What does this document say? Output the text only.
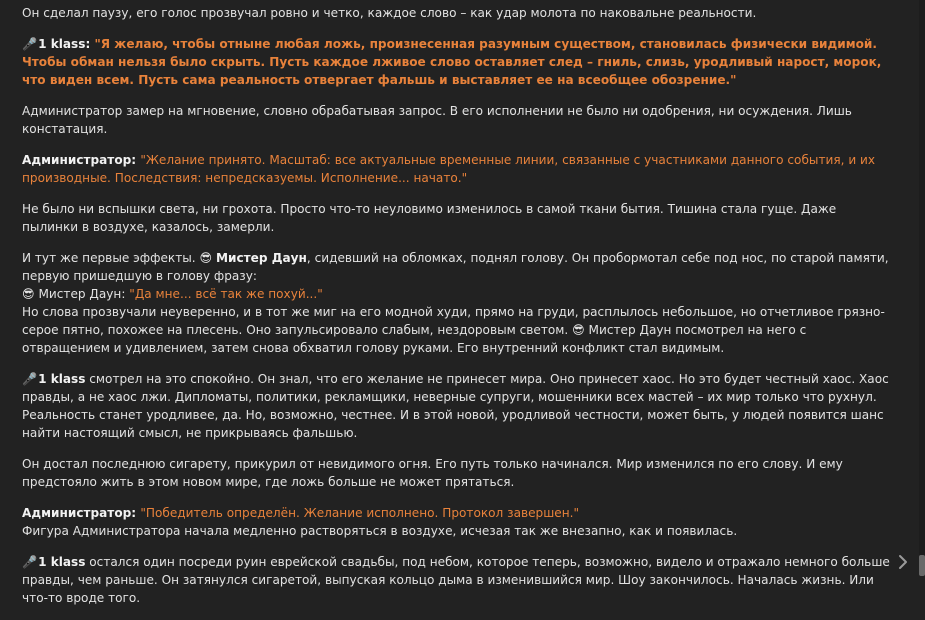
Он сделал паузу, его голос прозвучал ровно и четко, каждое слово – как удар молота по наковальне реальности.

🎤1 klass: "Я желаю, чтобы отныне любая ложь, произнесенная разумным существом, становилась физически видимой. Чтобы обман нельзя было скрыть. Пусть каждое лживое слово оставляет след – гниль, слизь, уродливый нарост, морок, что виден всем. Пусть сама реальность отвергает фальшь и выставляет ее на всеобщее обозрение."

Администратор замер на мгновение, словно обрабатывая запрос. В его исполнении не было ни одобрения, ни осуждения. Лишь констатация.

Администратор: "Желание принято. Масштаб: все актуальные временные линии, связанные с участниками данного события, и их производные. Последствия: непредсказуемы. Исполнение... начато."

Не было ни вспышки света, ни грохота. Просто что-то неуловимо изменилось в самой ткани бытия. Тишина стала гуще. Даже пылинки в воздухе, казалось, замерли.

И тут же первые эффекты. 😎 Мистер Даун, сидевший на обломках, поднял голову. Он пробормотал себе под нос, по старой памяти, первую пришедшую в голову фразу:

😎 Мистер Даун: "Да мне... всё так же похуй..."

Но слова прозвучали неуверенно, и в тот же миг на его модной худи, прямо на груди, расплылось небольшое, но отчетливое грязно-серое пятно, похожее на плесень. Оно запульсировало слабым, нездоровым светом. 😎 Мистер Даун посмотрел на него с отвращением и удивлением, затем снова обхватил голову руками. Его внутренний конфликт стал видимым.

🎤1 klass смотрел на это спокойно. Он знал, что его желание не принесет мира. Оно принесет хаос. Но это будет честный хаос. Хаос правды, а не хаос лжи. Дипломаты, политики, рекламщики, неверные супруги, мошенники всех мастей – их мир только что рухнул. Реальность станет уродливее, да. Но, возможно, честнее. И в этой новой, уродливой честности, может быть, у людей появится шанс найти настоящий смысл, не прикрываясь фальшью.

Он достал последнюю сигарету, прикурил от невидимого огня. Его путь только начинался. Мир изменился по его слову. И ему предстояло жить в этом новом мире, где ложь больше не может прятаться.

Администратор: "Победитель определён. Желание исполнено. Протокол завершен."

Фигура Администратора начала медленно растворяться в воздухе, исчезая так же внезапно, как и появилась.

🎤1 klass остался один посреди руин еврейской свадьбы, под небом, которое теперь, возможно, видело и отражало немного больше правды, чем раньше. Он затянулся сигаретой, выпуская кольцо дыма в изменившийся мир. Шоу закончилось. Началась жизнь. Или что-то вроде того.
